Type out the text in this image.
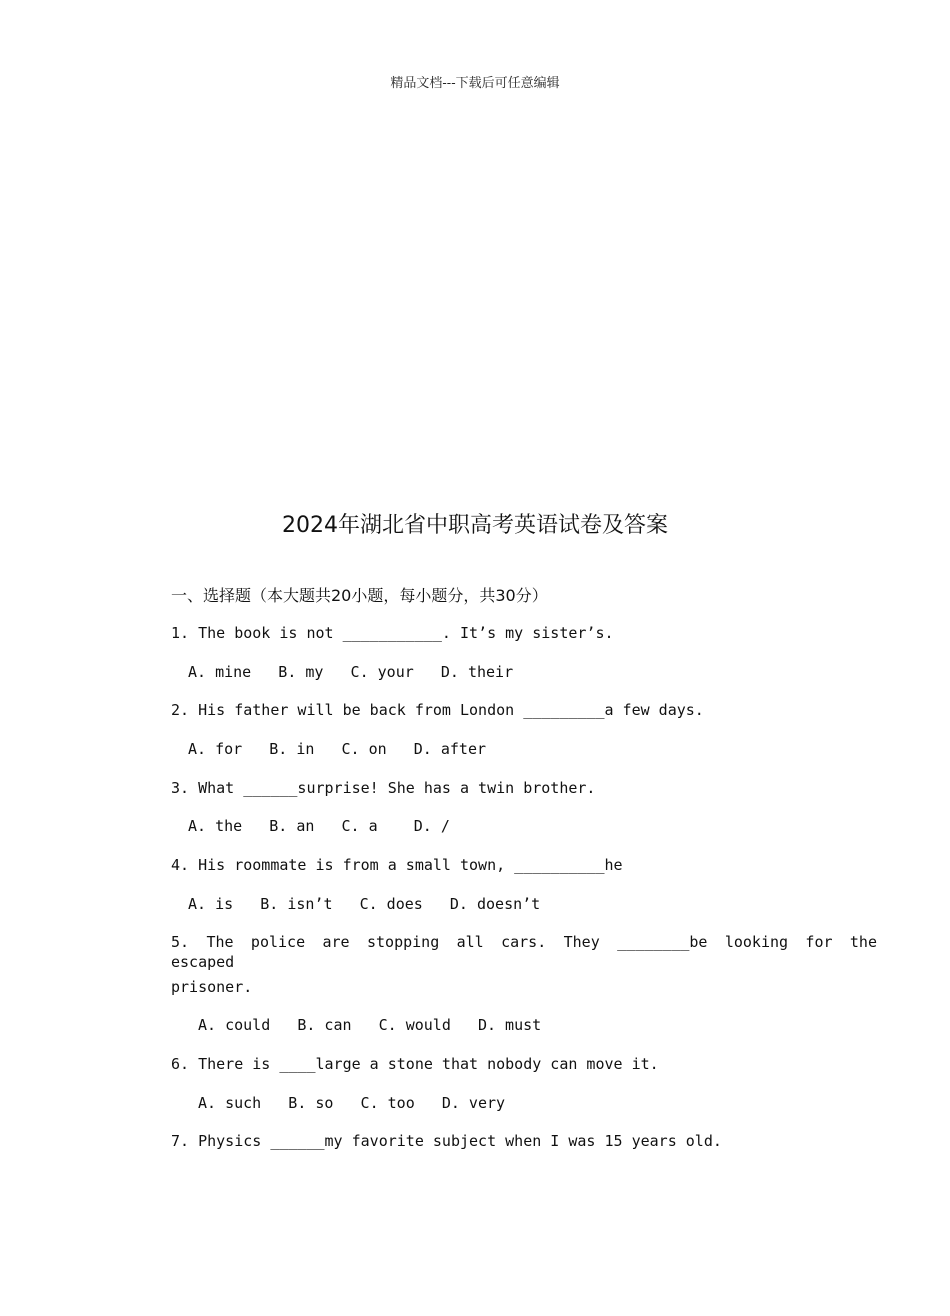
精品文档---下载后可任意编辑
2024年湖北省中职高考英语试卷及答案
一、选择题（本大题共20小题，每小题分，共30分）
1. The book is not ___________. It’s my sister’s.
A. mine   B. my   C. your   D. their
2. His father will be back from London _________a few days.
A. for   B. in   C. on   D. after
3. What ______surprise! She has a twin brother.
A. the   B. an   C. a    D. /
4. His roommate is from a small town, __________he
A. is   B. isn’t   C. does   D. doesn’t
5. The police are stopping all cars. They ________be looking for the escaped
prisoner.
A. could   B. can   C. would   D. must
6. There is ____large a stone that nobody can move it.
A. such   B. so   C. too   D. very
7. Physics ______my favorite subject when I was 15 years old.
